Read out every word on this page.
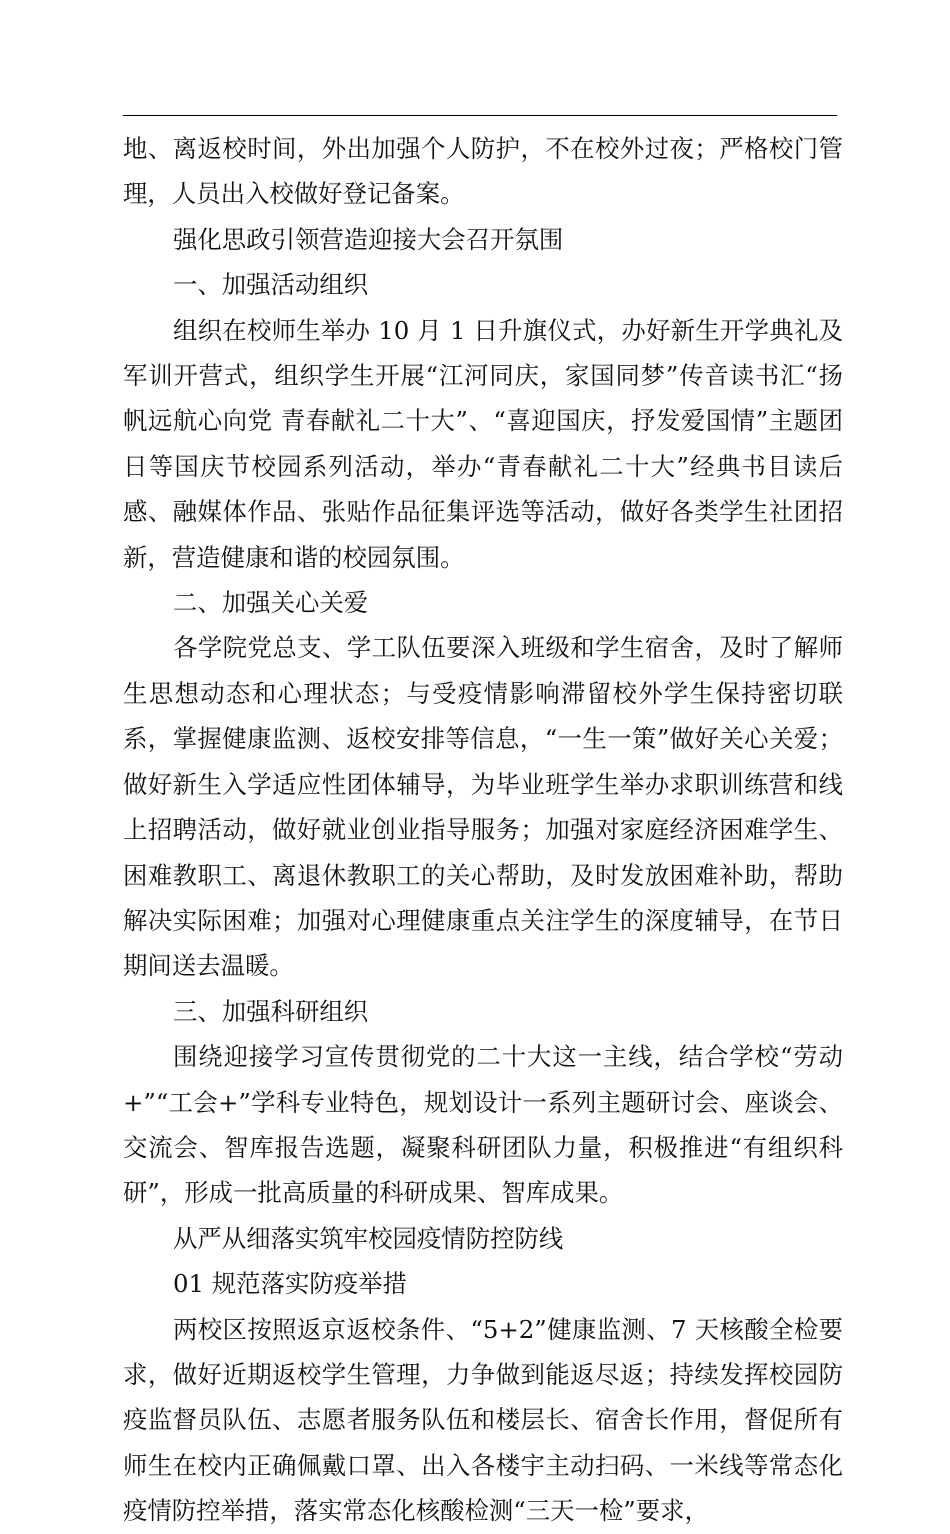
地、离返校时间，外出加强个人防护，不在校外过夜；严格校门管理，人员出入校做好登记备案。

强化思政引领营造迎接大会召开氛围

一、加强活动组织

组织在校师生举办 10 月 1 日升旗仪式，办好新生开学典礼及军训开营式，组织学生开展“江河同庆，家国同梦”传音读书汇“扬帆远航心向党 青春献礼二十大”、“喜迎国庆，抒发爱国情”主题团日等国庆节校园系列活动，举办“青春献礼二十大”经典书目读后感、融媒体作品、张贴作品征集评选等活动，做好各类学生社团招新，营造健康和谐的校园氛围。

二、加强关心关爱

各学院党总支、学工队伍要深入班级和学生宿舍，及时了解师生思想动态和心理状态；与受疫情影响滞留校外学生保持密切联系，掌握健康监测、返校安排等信息，“一生一策”做好关心关爱；做好新生入学适应性团体辅导，为毕业班学生举办求职训练营和线上招聘活动，做好就业创业指导服务；加强对家庭经济困难学生、困难教职工、离退休教职工的关心帮助，及时发放困难补助，帮助解决实际困难；加强对心理健康重点关注学生的深度辅导，在节日期间送去温暖。

三、加强科研组织

围绕迎接学习宣传贯彻党的二十大这一主线，结合学校“劳动+”“工会+”学科专业特色，规划设计一系列主题研讨会、座谈会、交流会、智库报告选题，凝聚科研团队力量，积极推进“有组织科研”，形成一批高质量的科研成果、智库成果。

从严从细落实筑牢校园疫情防控防线

01 规范落实防疫举措

两校区按照返京返校条件、“5+2”健康监测、7 天核酸全检要求，做好近期返校学生管理，力争做到能返尽返；持续发挥校园防疫监督员队伍、志愿者服务队伍和楼层长、宿舍长作用，督促所有师生在校内正确佩戴口罩、出入各楼宇主动扫码、一米线等常态化疫情防控举措，落实常态化核酸检测“三天一检”要求，
